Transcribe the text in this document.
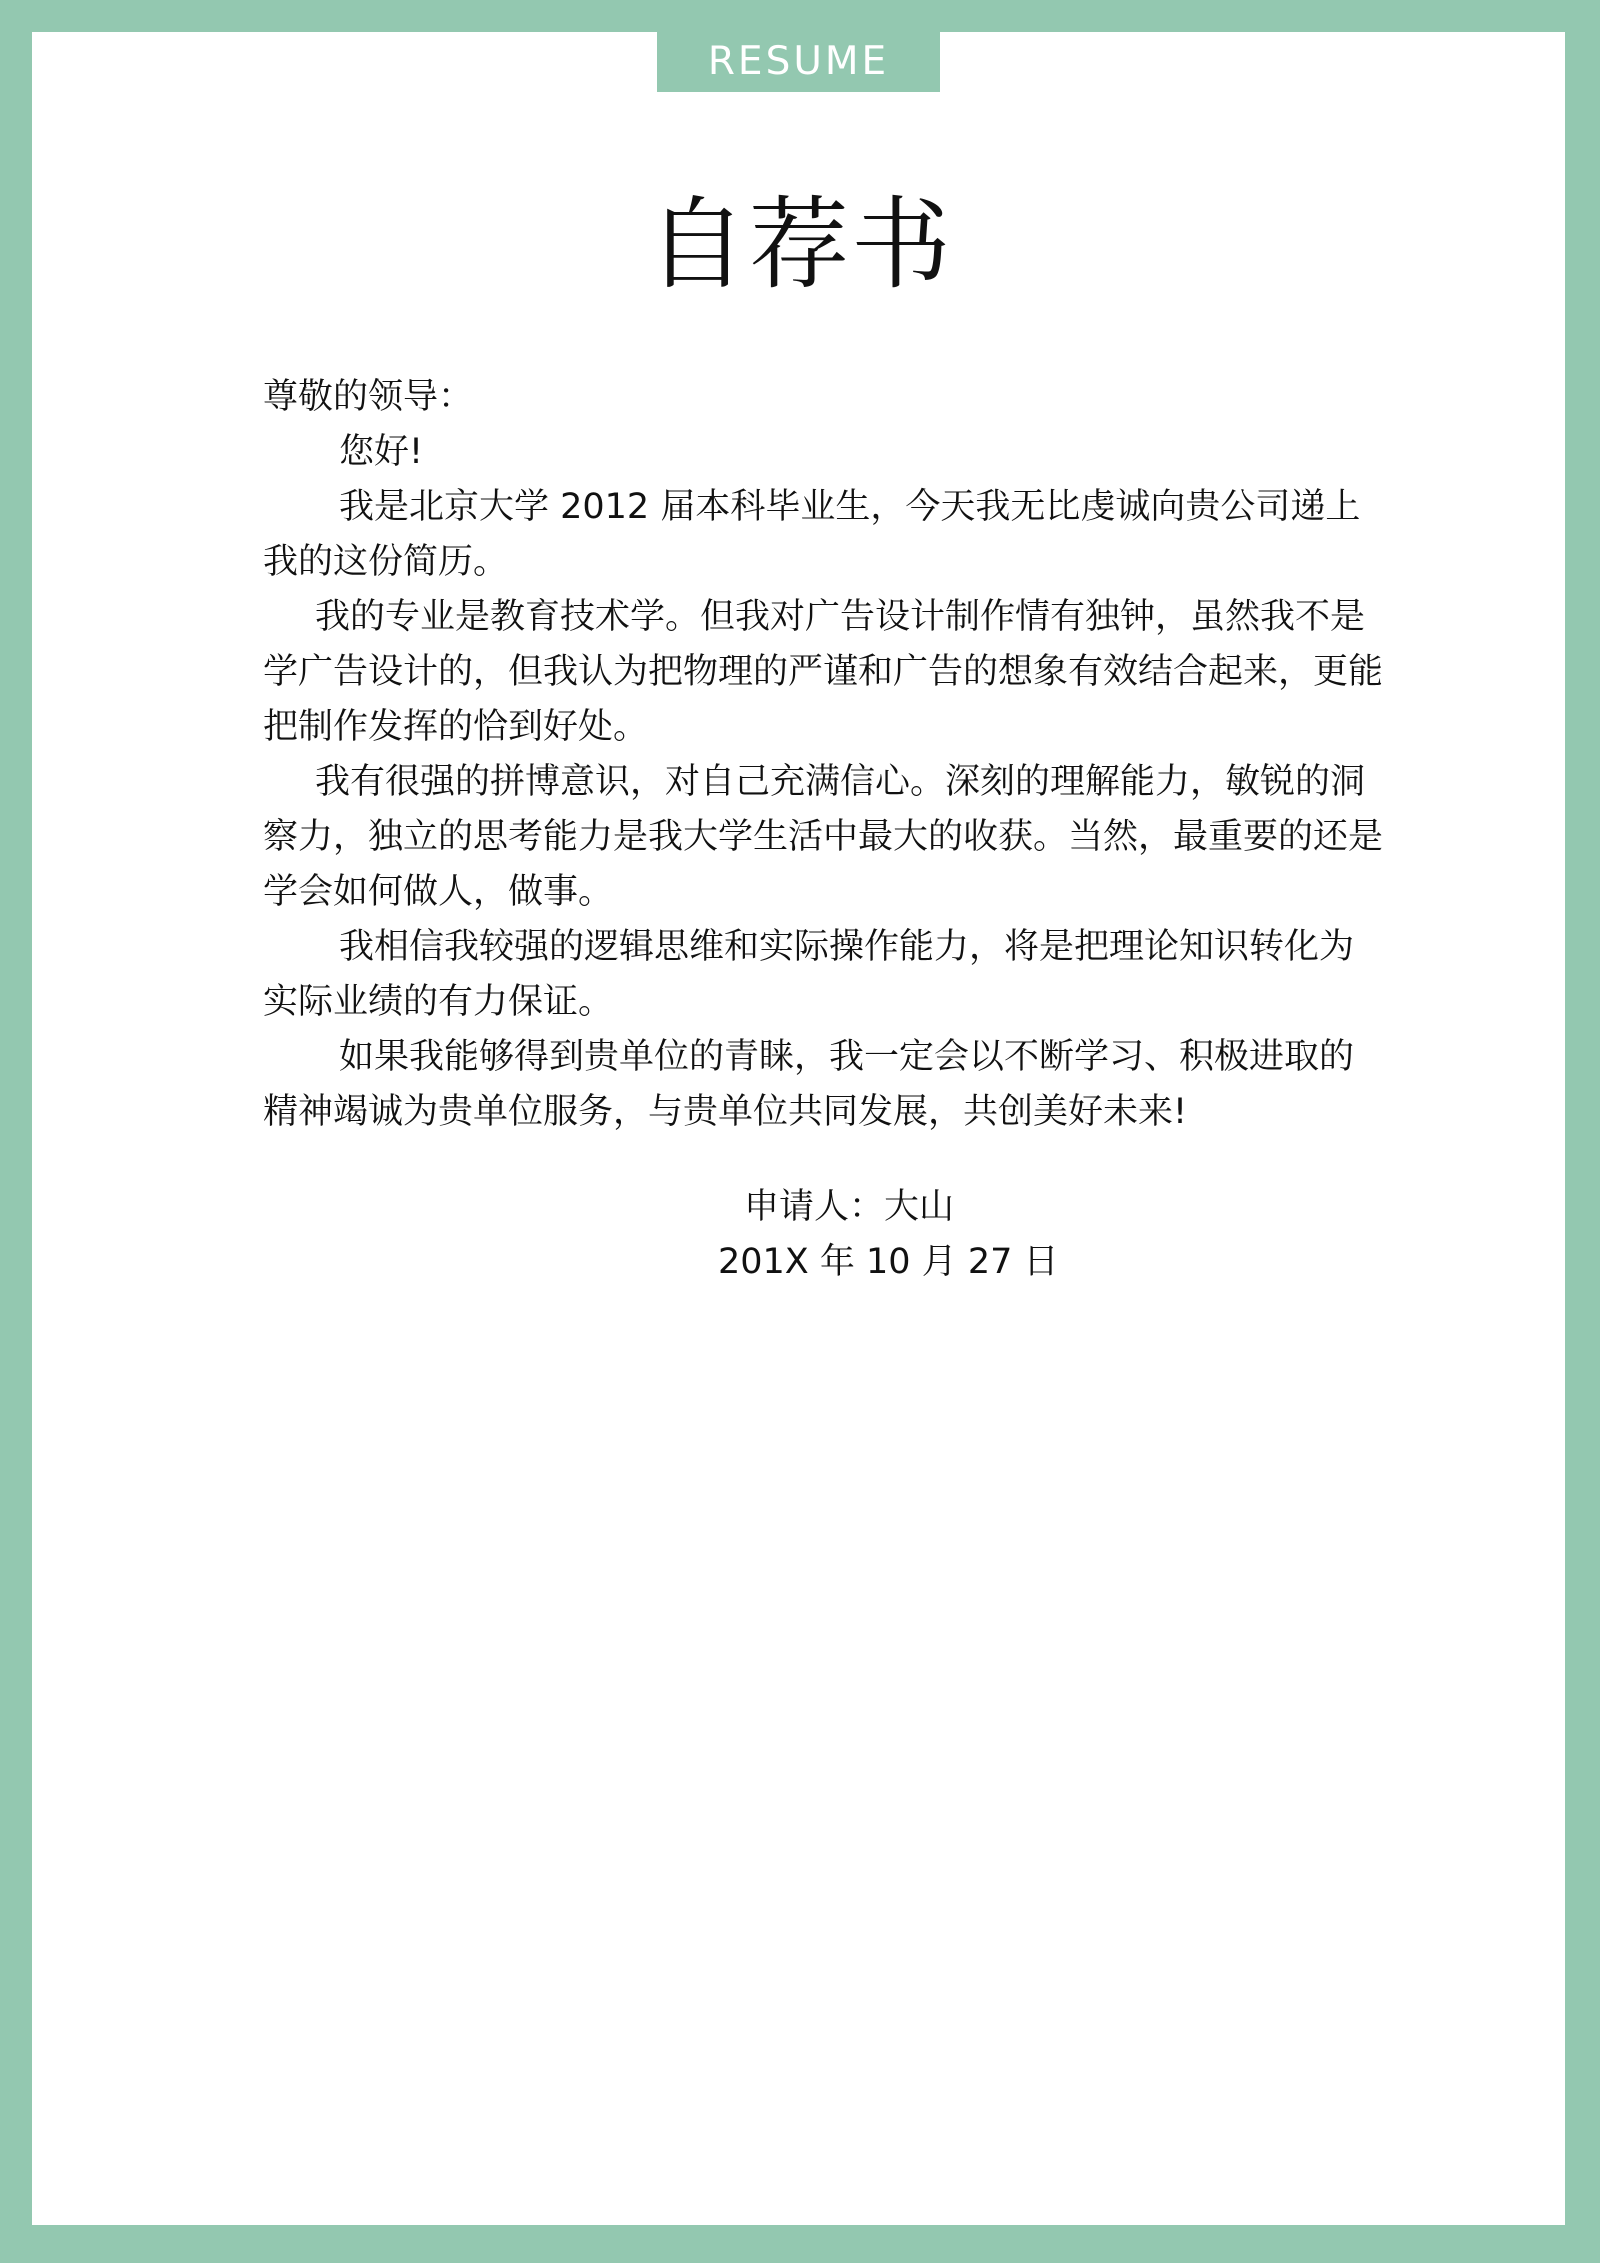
RESUME
自荐书

尊敬的领导：

您好!

我是北京大学 2012 届本科毕业生，今天我无比虔诚向贵公司递上我的这份简历。

我的专业是教育技术学。但我对广告设计制作情有独钟，虽然我不是学广告设计的，但我认为把物理的严谨和广告的想象有效结合起来，更能把制作发挥的恰到好处。

我有很强的拼博意识，对自己充满信心。深刻的理解能力，敏锐的洞察力，独立的思考能力是我大学生活中最大的收获。当然，最重要的还是学会如何做人，做事。

我相信我较强的逻辑思维和实际操作能力，将是把理论知识转化为实际业绩的有力保证。

如果我能够得到贵单位的青睐，我一定会以不断学习、积极进取的精神竭诚为贵单位服务，与贵单位共同发展，共创美好未来!

申请人：大山
201X 年 10 月 27 日
